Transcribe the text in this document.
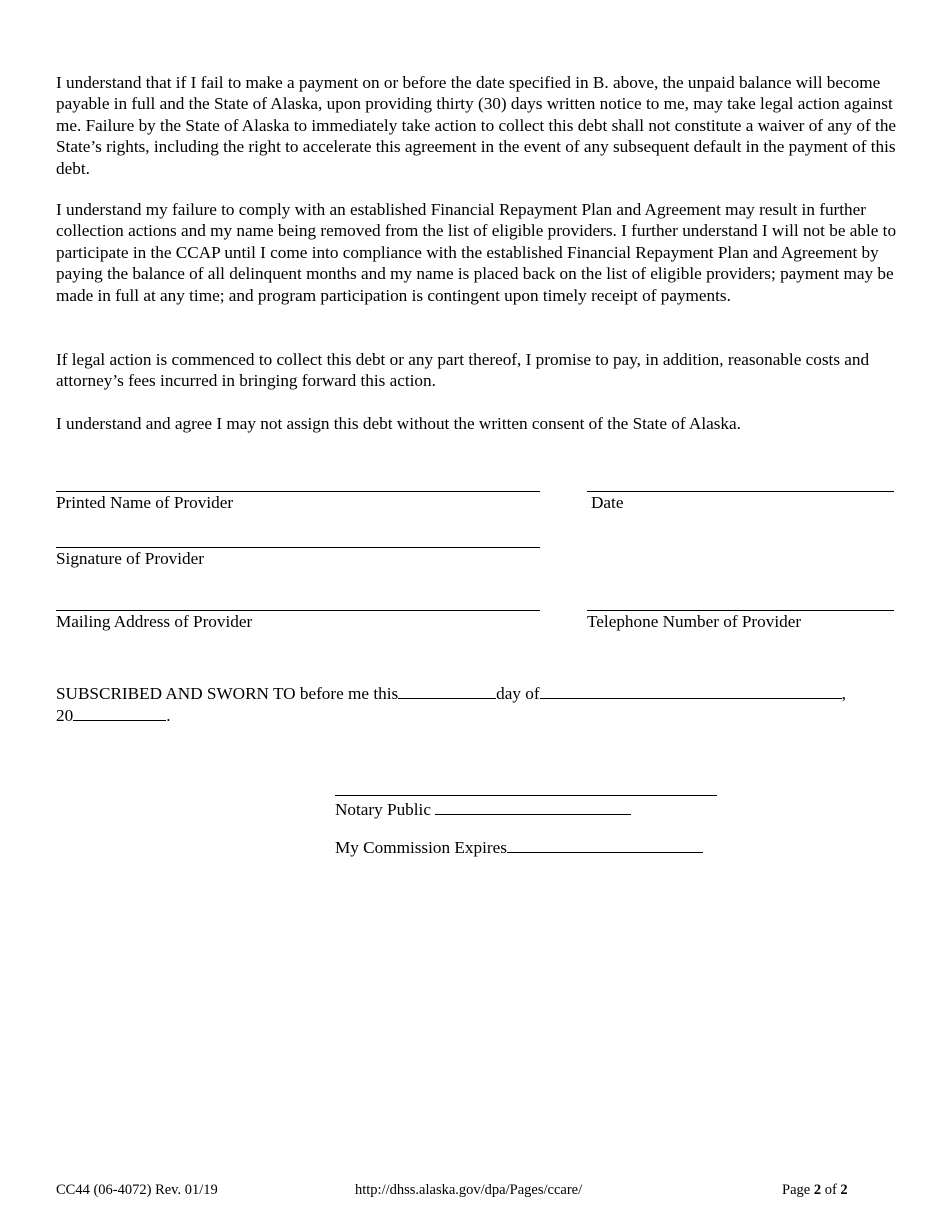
I understand that if I fail to make a payment on or before the date specified in B. above, the unpaid balance will become payable in full and the State of Alaska, upon providing thirty (30) days written notice to me, may take legal action against me. Failure by the State of Alaska to immediately take action to collect this debt shall not constitute a waiver of any of the State’s rights, including the right to accelerate this agreement in the event of any subsequent default in the payment of this debt.

I understand my failure to comply with an established Financial Repayment Plan and Agreement may result in further collection actions and my name being removed from the list of eligible providers. I further understand I will not be able to participate in the CCAP until I come into compliance with the established Financial Repayment Plan and Agreement by paying the balance of all delinquent months and my name is placed back on the list of eligible providers; payment may be made in full at any time; and program participation is contingent upon timely receipt of payments.

If legal action is commenced to collect this debt or any part thereof, I promise to pay, in addition, reasonable costs and attorney’s fees incurred in bringing forward this action.

I understand and agree I may not assign this debt without the written consent of the State of Alaska.

Printed Name of Provider	Date
Signature of Provider
Mailing Address of Provider	Telephone Number of Provider
SUBSCRIBED AND SWORN TO before me this	day of	,
20	.
Notary Public
My Commission Expires
CC44 (06-4072) Rev. 01/19	http://dhss.alaska.gov/dpa/Pages/ccare/	Page 2 of 2
